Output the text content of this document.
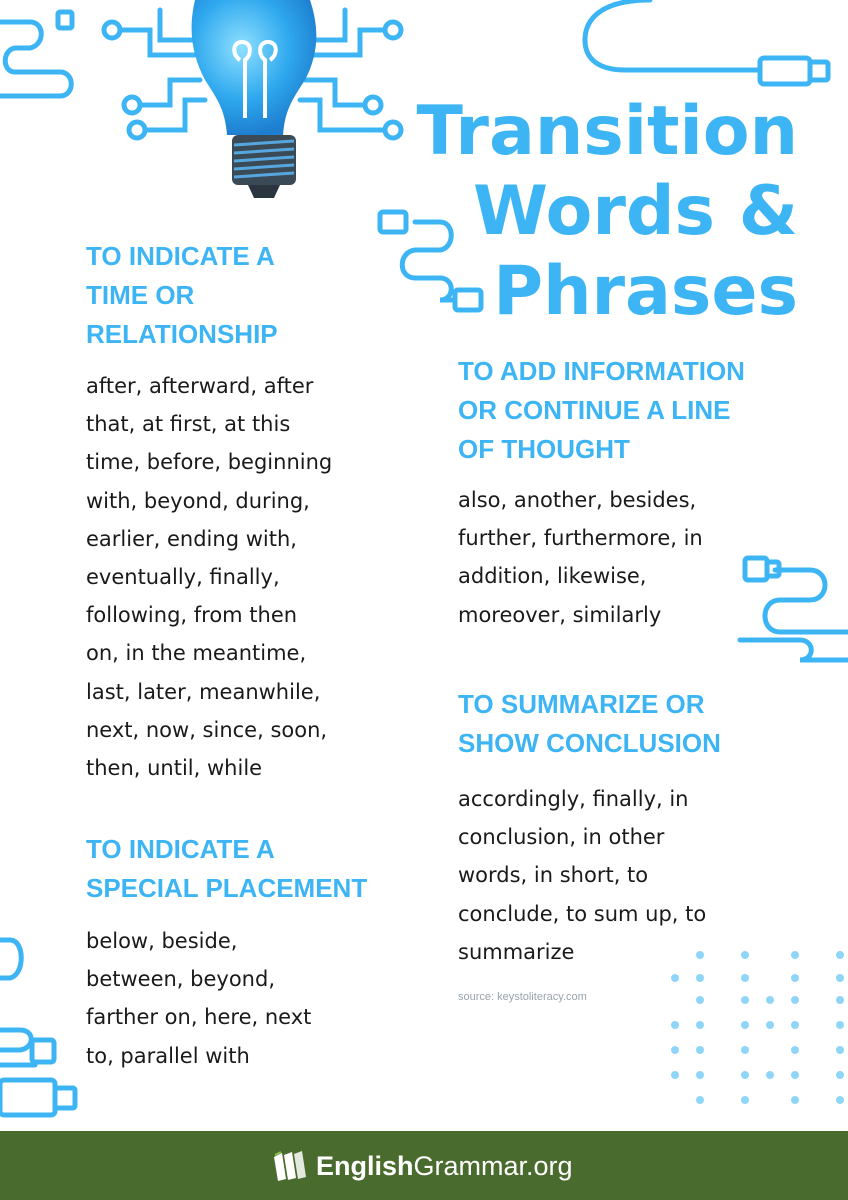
Transition
Words &
Phrases
TO INDICATE A
TIME OR
RELATIONSHIP
after, afterward, after
that, at first, at this
time, before, beginning
with, beyond, during,
earlier, ending with,
eventually, finally,
following, from then
on, in the meantime,
last, later, meanwhile,
next, now, since, soon,
then, until, while
TO INDICATE A
SPECIAL PLACEMENT
below, beside,
between, beyond,
farther on, here, next
to, parallel with
TO ADD INFORMATION
OR CONTINUE A LINE
OF THOUGHT
also, another, besides,
further, furthermore, in
addition, likewise,
moreover, similarly
TO SUMMARIZE OR
SHOW CONCLUSION
accordingly, finally, in
conclusion, in other
words, in short, to
conclude, to sum up, to
summarize
source: keystoliteracy.com
EnglishGrammar.org
